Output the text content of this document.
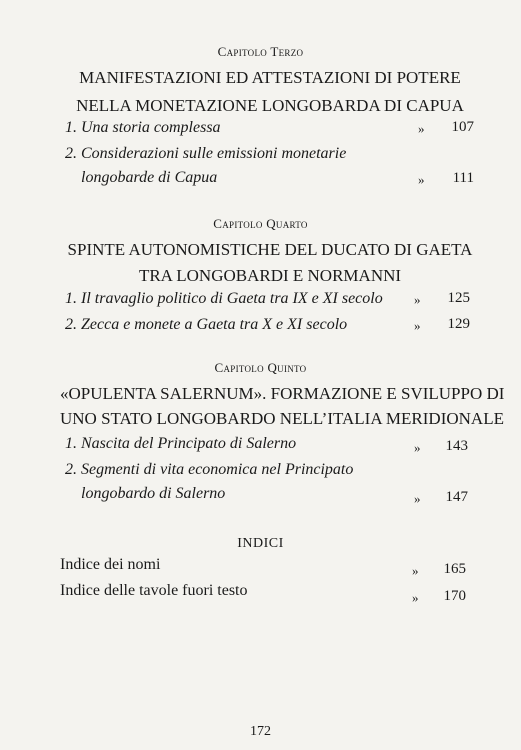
Capitolo Terzo
MANIFESTAZIONI ED ATTESTAZIONI DI POTERE
NELLA MONETAZIONE LONGOBARDA DI CAPUA
1. Una storia complessa	»	107
2. Considerazioni sulle emissioni monetarie
longobarde di Capua	»	111
Capitolo Quarto
SPINTE AUTONOMISTICHE DEL DUCATO DI GAETA
TRA LONGOBARDI E NORMANNI
1. Il travaglio politico di Gaeta tra IX e XI secolo	»	125
2. Zecca e monete a Gaeta tra X e XI secolo	»	129
Capitolo Quinto
«OPULENTA SALERNUM». FORMAZIONE E SVILUPPO DI
UNO STATO LONGOBARDO NELL’ITALIA MERIDIONALE
1. Nascita del Principato di Salerno	»	143
2. Segmenti di vita economica nel Principato
longobardo di Salerno	»	147
INDICI
Indice dei nomi	»	165
Indice delle tavole fuori testo	»	170
172
